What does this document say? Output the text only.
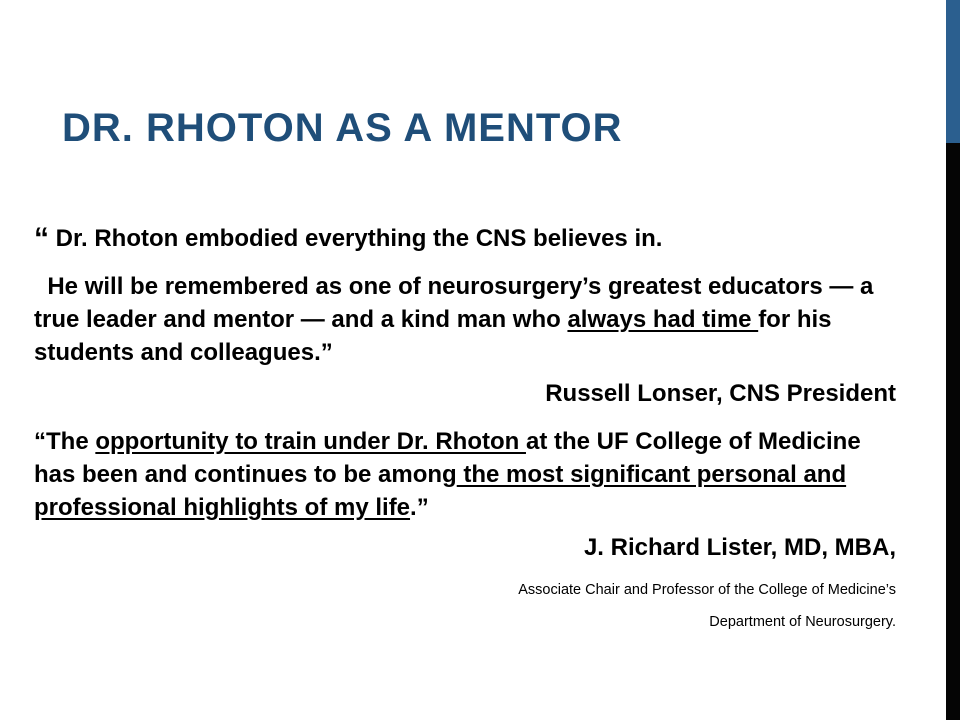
DR. RHOTON AS A MENTOR
“ Dr. Rhoton embodied everything the CNS believes in.
He will be remembered as one of neurosurgery’s greatest educators — a true leader and mentor — and a kind man who always had time for his students and colleagues.”
Russell Lonser, CNS President
“The opportunity to train under Dr. Rhoton at the UF College of Medicine has been and continues to be among the most significant personal and professional highlights of my life.”
J. Richard Lister, MD, MBA,
Associate Chair and Professor of the College of Medicine’s
Department of Neurosurgery.
